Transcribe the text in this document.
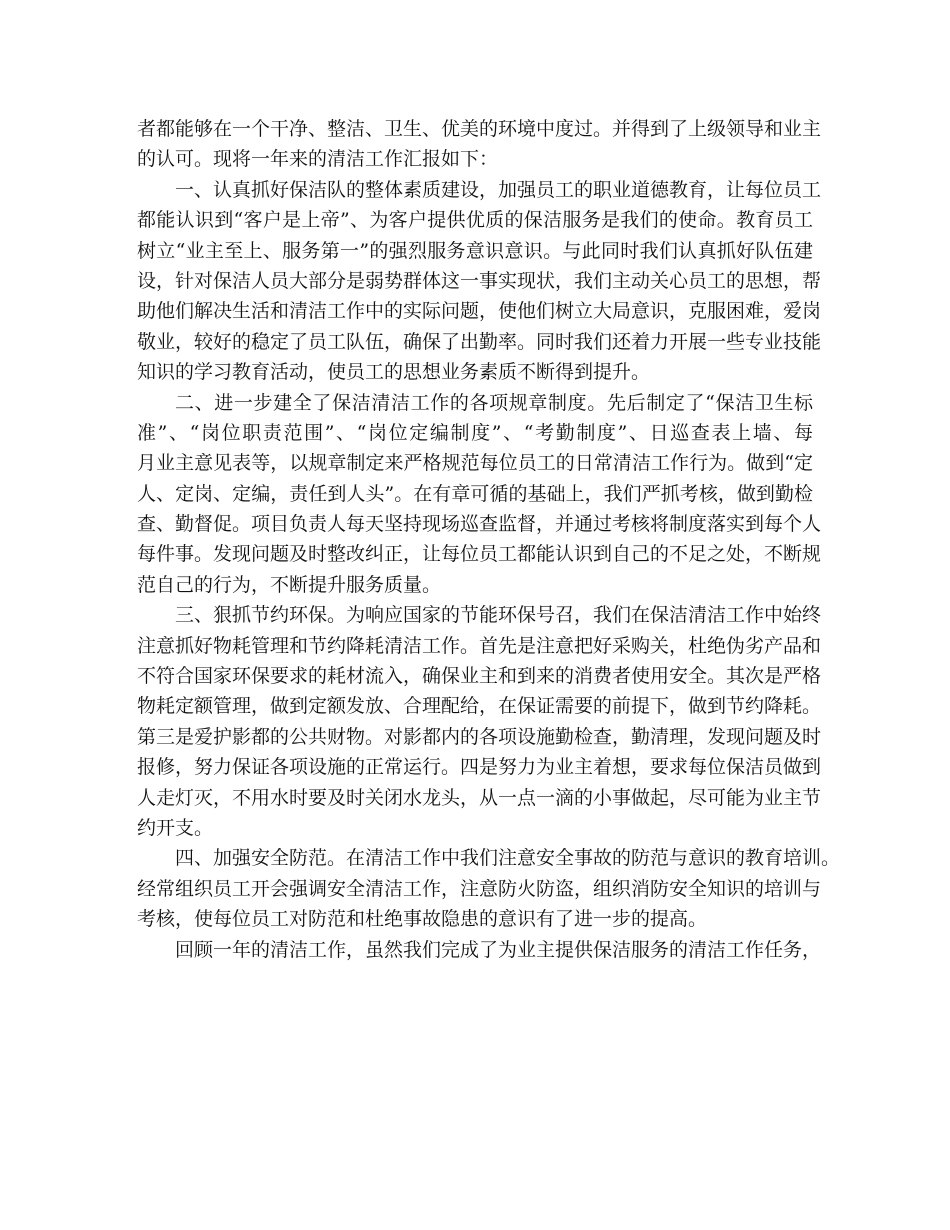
者都能够在一个干净、整洁、卫生、优美的环境中度过。并得到了上级领导和业主
的认可。现将一年来的清洁工作汇报如下：
一、认真抓好保洁队的整体素质建设，加强员工的职业道德教育，让每位员工
都能认识到“客户是上帝”、为客户提供优质的保洁服务是我们的使命。教育员工
树立“业主至上、服务第一”的强烈服务意识意识。与此同时我们认真抓好队伍建
设，针对保洁人员大部分是弱势群体这一事实现状，我们主动关心员工的思想，帮
助他们解决生活和清洁工作中的实际问题，使他们树立大局意识，克服困难，爱岗
敬业，较好的稳定了员工队伍，确保了出勤率。同时我们还着力开展一些专业技能
知识的学习教育活动，使员工的思想业务素质不断得到提升。
二、进一步建全了保洁清洁工作的各项规章制度。先后制定了“保洁卫生标
准”、“岗位职责范围”、“岗位定编制度”、“考勤制度”、日巡查表上墙、每
月业主意见表等，以规章制定来严格规范每位员工的日常清洁工作行为。做到“定
人、定岗、定编，责任到人头”。在有章可循的基础上，我们严抓考核，做到勤检
查、勤督促。项目负责人每天坚持现场巡查监督，并通过考核将制度落实到每个人
每件事。发现问题及时整改纠正，让每位员工都能认识到自己的不足之处，不断规
范自己的行为，不断提升服务质量。
三、狠抓节约环保。为响应国家的节能环保号召，我们在保洁清洁工作中始终
注意抓好物耗管理和节约降耗清洁工作。首先是注意把好采购关，杜绝伪劣产品和
不符合国家环保要求的耗材流入，确保业主和到来的消费者使用安全。其次是严格
物耗定额管理，做到定额发放、合理配给，在保证需要的前提下，做到节约降耗。
第三是爱护影都的公共财物。对影都内的各项设施勤检查，勤清理，发现问题及时
报修，努力保证各项设施的正常运行。四是努力为业主着想，要求每位保洁员做到
人走灯灭，不用水时要及时关闭水龙头，从一点一滴的小事做起，尽可能为业主节
约开支。
四、加强安全防范。在清洁工作中我们注意安全事故的防范与意识的教育培训。
经常组织员工开会强调安全清洁工作，注意防火防盗，组织消防安全知识的培训与
考核，使每位员工对防范和杜绝事故隐患的意识有了进一步的提高。
回顾一年的清洁工作，虽然我们完成了为业主提供保洁服务的清洁工作任务，
